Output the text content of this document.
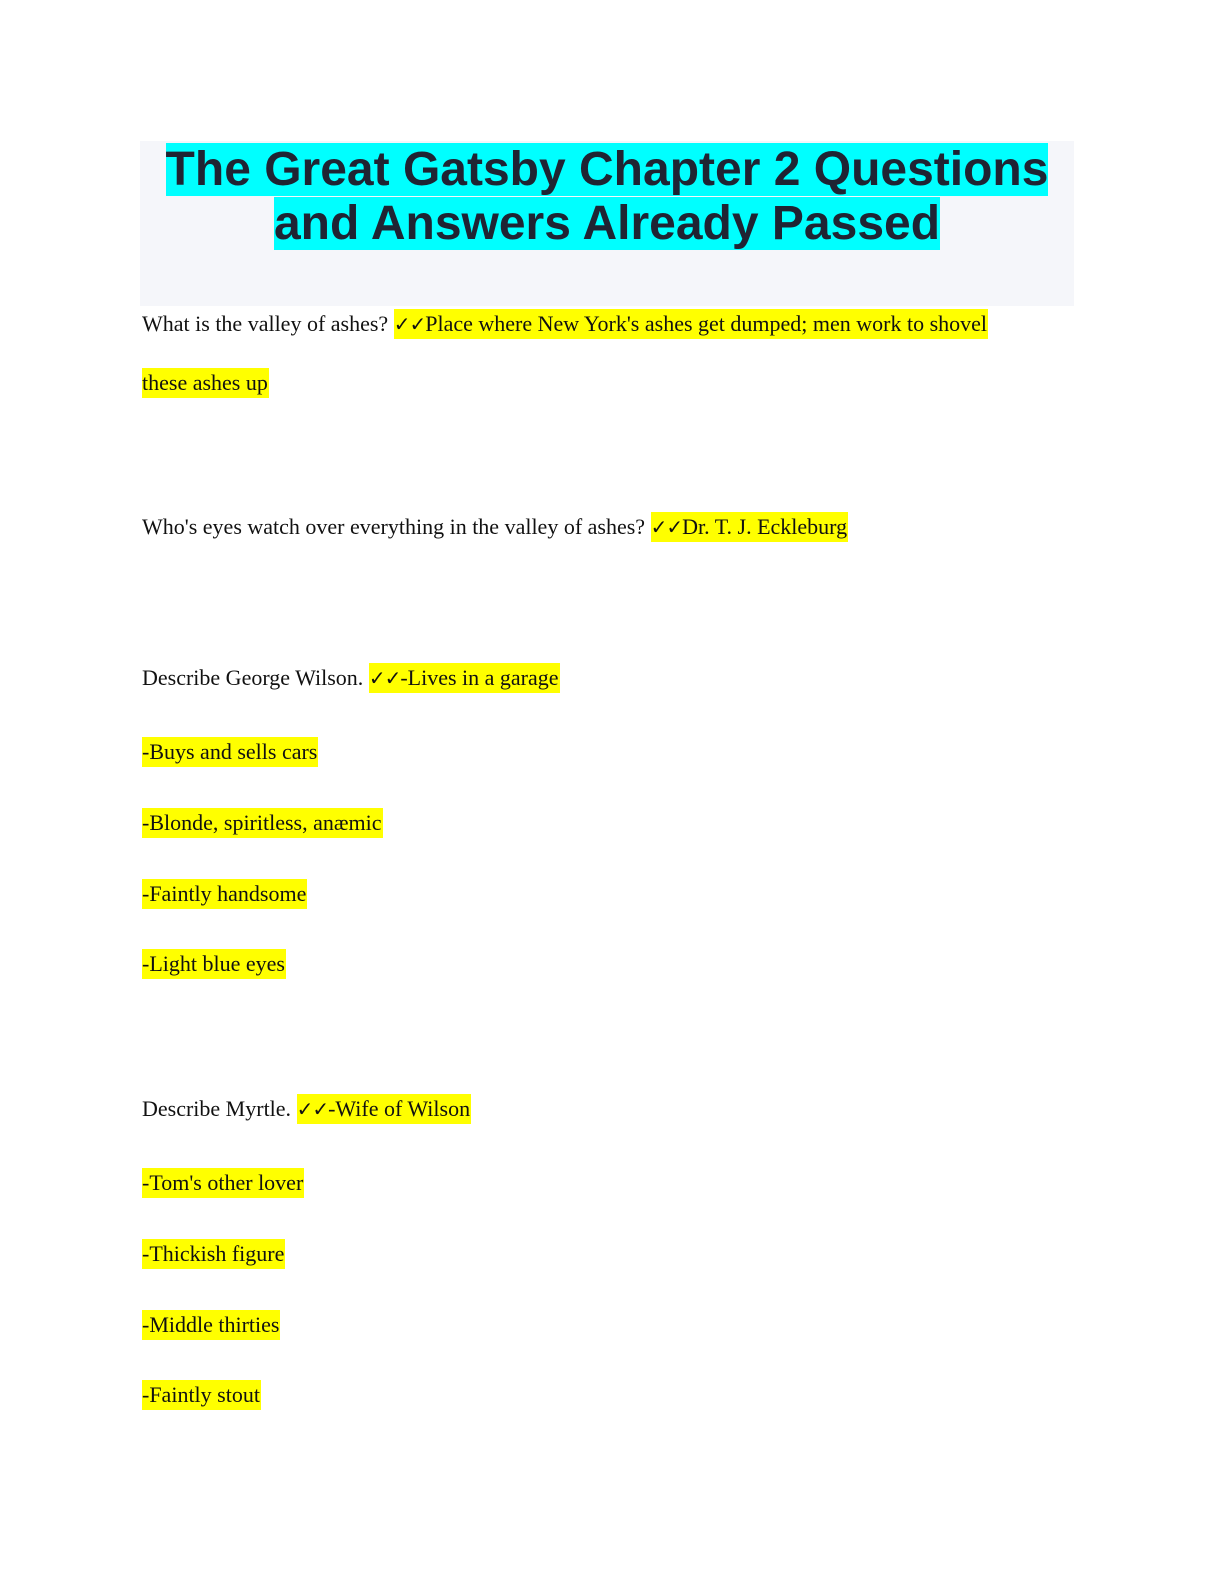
The Great Gatsby Chapter 2 Questions
and Answers Already Passed
What is the valley of ashes? ✓✓Place where New York's ashes get dumped; men work to shovel
these ashes up
Who's eyes watch over everything in the valley of ashes? ✓✓Dr. T. J. Eckleburg
Describe George Wilson. ✓✓-Lives in a garage
-Buys and sells cars
-Blonde, spiritless, anæmic
-Faintly handsome
-Light blue eyes
Describe Myrtle. ✓✓-Wife of Wilson
-Tom's other lover
-Thickish figure
-Middle thirties
-Faintly stout
